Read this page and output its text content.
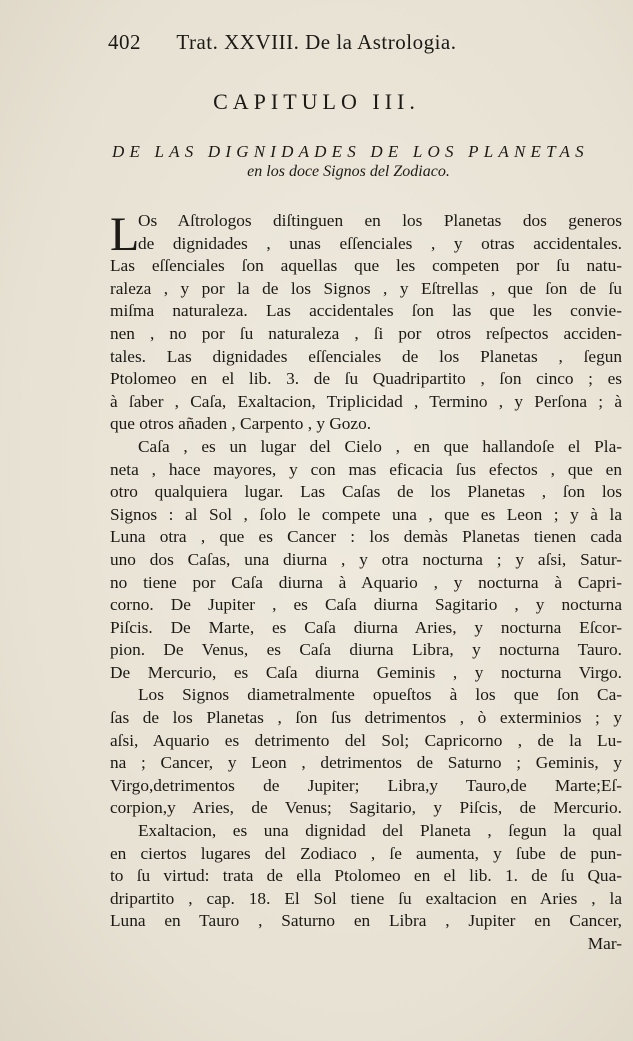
402 Trat. XXVIII. De la Astrologia.
CAPITULO III.
DE LAS DIGNIDADES DE LOS PLANETAS
en los doce Signos del Zodiaco.
L
Os Aſtrologos diſtinguen en los Planetas dos generos
de dignidades , unas eſſenciales , y otras accidentales.
Las eſſenciales ſon aquellas que les competen por ſu natu-
raleza , y por la de los Signos , y Eſtrellas , que ſon de ſu
miſma naturaleza. Las accidentales ſon las que les convie-
nen , no por ſu naturaleza , ſi por otros reſpectos acciden-
tales. Las dignidades eſſenciales de los Planetas , ſegun
Ptolomeo en el lib. 3. de ſu Quadripartito , ſon cinco ; es
à ſaber , Caſa, Exaltacion, Triplicidad , Termino , y Perſona ; à
que otros añaden , Carpento , y Gozo.
Caſa , es un lugar del Cielo , en que hallandoſe el Pla-
neta , hace mayores, y con mas eficacia ſus efectos , que en
otro qualquiera lugar. Las Caſas de los Planetas , ſon los
Signos : al Sol , ſolo le compete una , que es Leon ; y à la
Luna otra , que es Cancer : los demàs Planetas tienen cada
uno dos Caſas, una diurna , y otra nocturna ; y aſsi, Satur-
no tiene por Caſa diurna à Aquario , y nocturna à Capri-
corno. De Jupiter , es Caſa diurna Sagitario , y nocturna
Piſcis. De Marte, es Caſa diurna Aries, y nocturna Eſcor-
pion. De Venus, es Caſa diurna Libra, y nocturna Tauro.
De Mercurio, es Caſa diurna Geminis , y nocturna Virgo.
Los Signos diametralmente opueſtos à los que ſon Ca-
ſas de los Planetas , ſon ſus detrimentos , ò exterminios ; y
aſsi, Aquario es detrimento del Sol; Capricorno , de la Lu-
na ; Cancer, y Leon , detrimentos de Saturno ; Geminis, y
Virgo,detrimentos de Jupiter; Libra,y Tauro,de Marte;Eſ-
corpion,y Aries, de Venus; Sagitario, y Piſcis, de Mercurio.
Exaltacion, es una dignidad del Planeta , ſegun la qual
en ciertos lugares del Zodiaco , ſe aumenta, y ſube de pun-
to ſu virtud: trata de ella Ptolomeo en el lib. 1. de ſu Qua-
dripartito , cap. 18. El Sol tiene ſu exaltacion en Aries , la
Luna en Tauro , Saturno en Libra , Jupiter en Cancer,
Mar-
